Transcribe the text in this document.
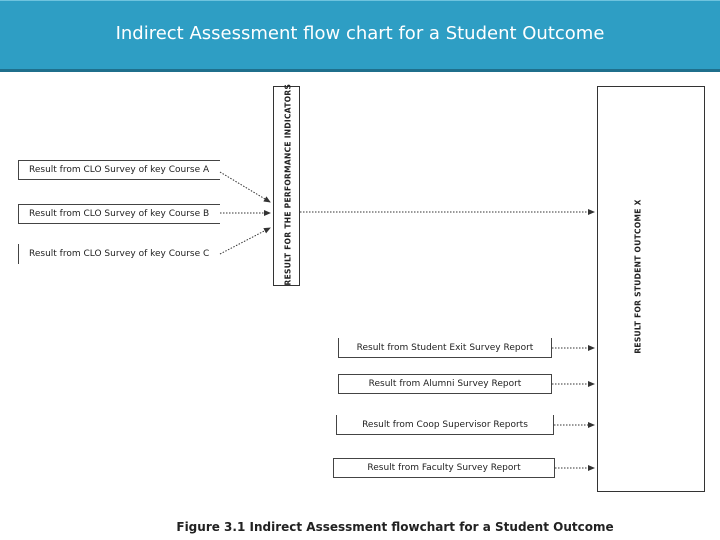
Indirect Assessment flow chart for a Student Outcome
Result from CLO Survey of key Course A
Result from CLO Survey of key Course B
Result from CLO Survey of key Course C	RESULT FOR THE PERFORMANCE INDICATORS	RESULT FOR STUDENT OUTCOME X
Result from Student Exit Survey Report
Result from Alumni Survey Report
Result from Coop Supervisor Reports
Result from Faculty Survey Report
Figure 3.1 Indirect Assessment flowchart for a Student Outcome
